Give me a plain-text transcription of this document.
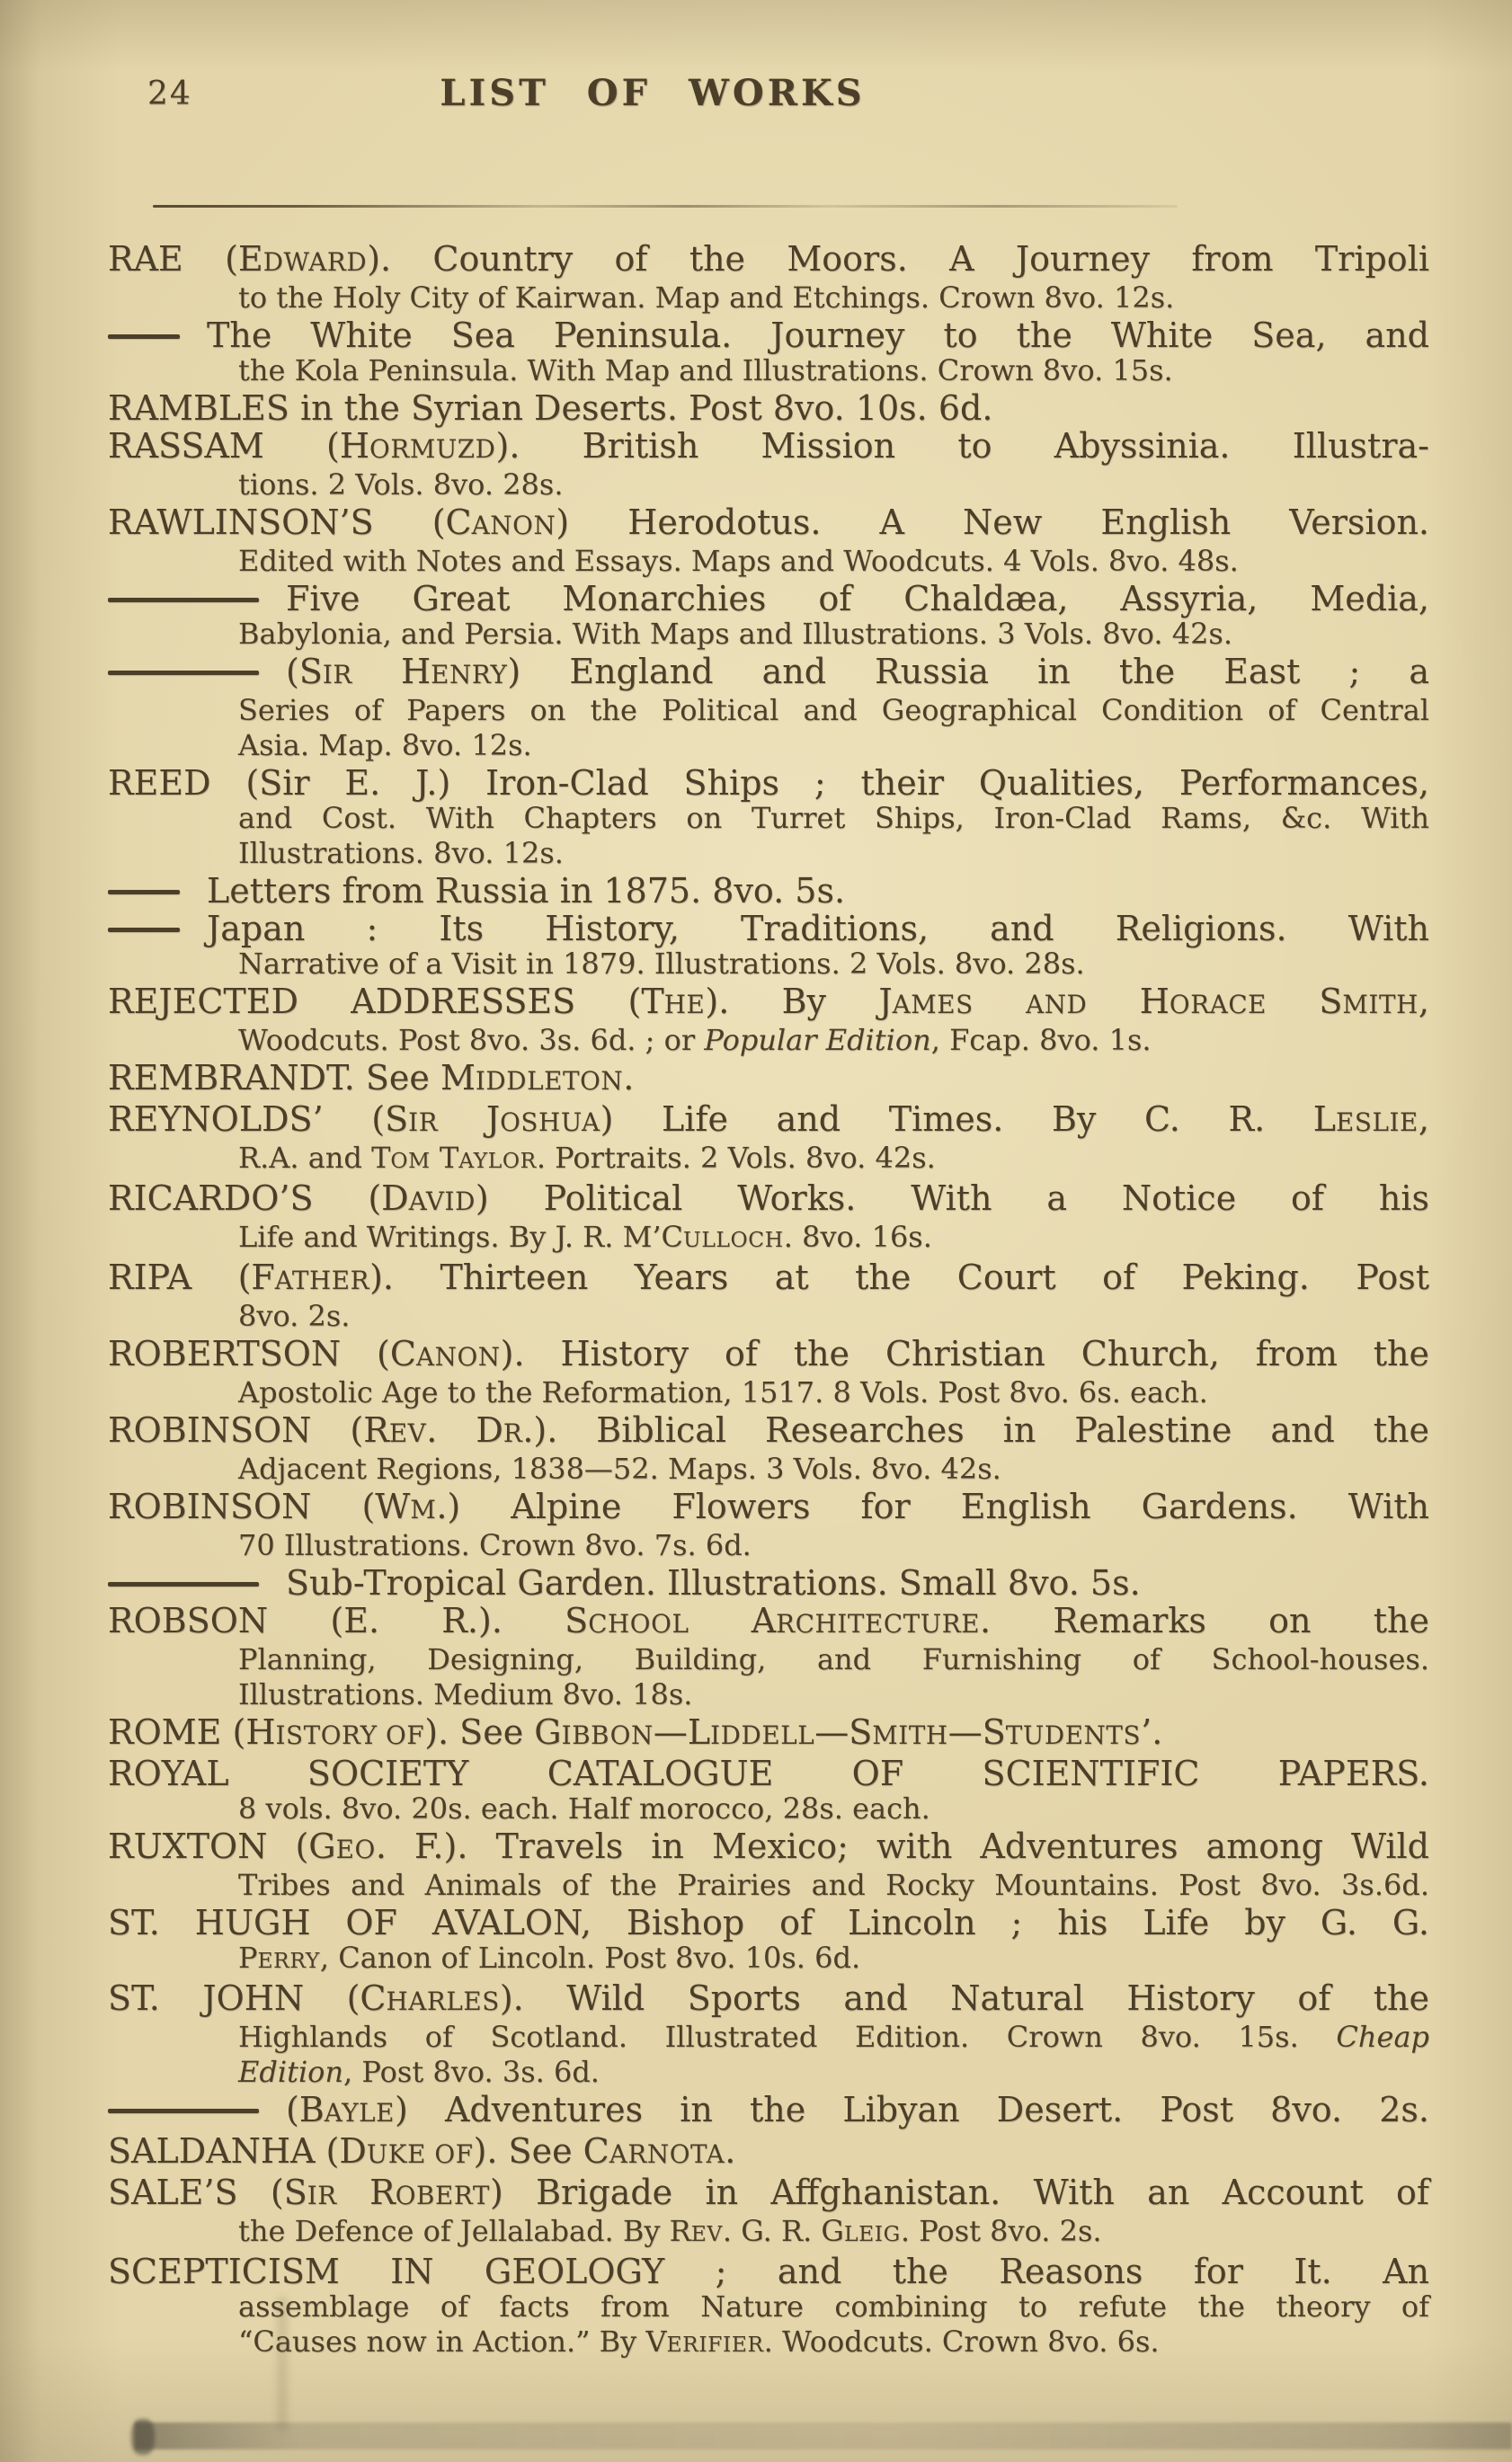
24	LIST OF WORKS
RAE (EDWARD). Country of the Moors. A Journey from Tripoli
to the Holy City of Kairwan. Map and Etchings. Crown 8vo. 12s.
The White Sea Peninsula. Journey to the White Sea, and
the Kola Peninsula. With Map and Illustrations. Crown 8vo. 15s.
RAMBLES in the Syrian Deserts. Post 8vo. 10s. 6d.
RASSAM (HORMUZD). British Mission to Abyssinia. Illustra-
tions. 2 Vols. 8vo. 28s.
RAWLINSON’S (CANON) Herodotus. A New English Version.
Edited with Notes and Essays. Maps and Woodcuts. 4 Vols. 8vo. 48s.
Five Great Monarchies of Chaldæa, Assyria, Media,
Babylonia, and Persia. With Maps and Illustrations. 3 Vols. 8vo. 42s.
(SIR HENRY) England and Russia in the East ; a
Series of Papers on the Political and Geographical Condition of Central
Asia. Map. 8vo. 12s.
REED (Sir E. J.) Iron-Clad Ships ; their Qualities, Performances,
and Cost. With Chapters on Turret Ships, Iron-Clad Rams, &c. With
Illustrations. 8vo. 12s.
Letters from Russia in 1875. 8vo. 5s.
Japan : Its History, Traditions, and Religions. With
Narrative of a Visit in 1879. Illustrations. 2 Vols. 8vo. 28s.
REJECTED ADDRESSES (THE). By JAMES AND HORACE SMITH,
Woodcuts. Post 8vo. 3s. 6d. ; or Popular Edition, Fcap. 8vo. 1s.
REMBRANDT. See MIDDLETON.
REYNOLDS’ (SIR JOSHUA) Life and Times. By C. R. LESLIE,
R.A. and TOM TAYLOR. Portraits. 2 Vols. 8vo. 42s.
RICARDO’S (DAVID) Political Works. With a Notice of his
Life and Writings. By J. R. M’CULLOCH. 8vo. 16s.
RIPA (FATHER). Thirteen Years at the Court of Peking. Post
8vo. 2s.
ROBERTSON (CANON). History of the Christian Church, from the
Apostolic Age to the Reformation, 1517. 8 Vols. Post 8vo. 6s. each.
ROBINSON (REV. DR.). Biblical Researches in Palestine and the
Adjacent Regions, 1838—52. Maps. 3 Vols. 8vo. 42s.
ROBINSON (WM.) Alpine Flowers for English Gardens. With
70 Illustrations. Crown 8vo. 7s. 6d.
Sub-Tropical Garden. Illustrations. Small 8vo. 5s.
ROBSON (E. R.). SCHOOL ARCHITECTURE. Remarks on the
Planning, Designing, Building, and Furnishing of School-houses.
Illustrations. Medium 8vo. 18s.
ROME (HISTORY OF). See GIBBON—LIDDELL—SMITH—STUDENTS’.
ROYAL SOCIETY CATALOGUE OF SCIENTIFIC PAPERS.
8 vols. 8vo. 20s. each. Half morocco, 28s. each.
RUXTON (GEO. F.). Travels in Mexico; with Adventures among Wild
Tribes and Animals of the Prairies and Rocky Mountains. Post 8vo. 3s.6d.
ST. HUGH OF AVALON, Bishop of Lincoln ; his Life by G. G.
PERRY, Canon of Lincoln. Post 8vo. 10s. 6d.
ST. JOHN (CHARLES). Wild Sports and Natural History of the
Highlands of Scotland. Illustrated Edition. Crown 8vo. 15s. Cheap
Edition, Post 8vo. 3s. 6d.
(BAYLE) Adventures in the Libyan Desert. Post 8vo. 2s.
SALDANHA (DUKE OF). See CARNOTA.
SALE’S (SIR ROBERT) Brigade in Affghanistan. With an Account of
the Defence of Jellalabad. By REV. G. R. GLEIG. Post 8vo. 2s.
SCEPTICISM IN GEOLOGY ; and the Reasons for It. An
assemblage of facts from Nature combining to refute the theory of
“Causes now in Action.” By VERIFIER. Woodcuts. Crown 8vo. 6s.
